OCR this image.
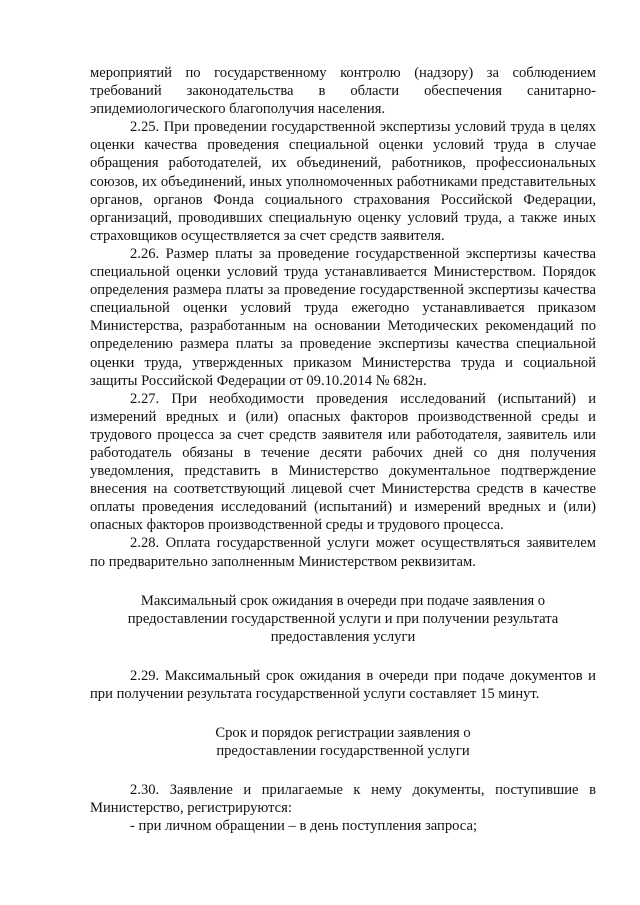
мероприятий по государственному контролю (надзору) за соблюдением требований законодательства в области обеспечения санитарно-эпидемиологического благополучия населения.

2.25. При проведении государственной экспертизы условий труда в целях оценки качества проведения специальной оценки условий труда в случае обращения работодателей, их объединений, работников, профессиональных союзов, их объединений, иных уполномоченных работниками представительных органов, органов Фонда социального страхования Российской Федерации, организаций, проводивших специальную оценку условий труда, а также иных страховщиков осуществляется за счет средств заявителя.

2.26. Размер платы за проведение государственной экспертизы качества специальной оценки условий труда устанавливается Министерством. Порядок определения размера платы за проведение государственной экспертизы качества специальной оценки условий труда ежегодно устанавливается приказом Министерства, разработанным на основании Методических рекомендаций по определению размера платы за проведение экспертизы качества специальной оценки труда, утвержденных приказом Министерства труда и социальной защиты Российской Федерации от 09.10.2014 № 682н.

2.27. При необходимости проведения исследований (испытаний) и измерений вредных и (или) опасных факторов производственной среды и трудового процесса за счет средств заявителя или работодателя, заявитель или работодатель обязаны в течение десяти рабочих дней со дня получения уведомления, представить в Министерство документальное подтверждение внесения на соответствующий лицевой счет Министерства средств в качестве оплаты проведения исследований (испытаний) и измерений вредных и (или) опасных факторов производственной среды и трудового процесса.

2.28. Оплата государственной услуги может осуществляться заявителем по предварительно заполненным Министерством реквизитам.

Максимальный срок ожидания в очереди при подаче заявления о

предоставлении государственной услуги и при получении результата

предоставления услуги

2.29. Максимальный срок ожидания в очереди при подаче документов и при получении результата государственной услуги составляет 15 минут.

Срок и порядок регистрации заявления о

предоставлении государственной услуги

2.30. Заявление и прилагаемые к нему документы, поступившие в Министерство, регистрируются:

- при личном обращении – в день поступления запроса;
